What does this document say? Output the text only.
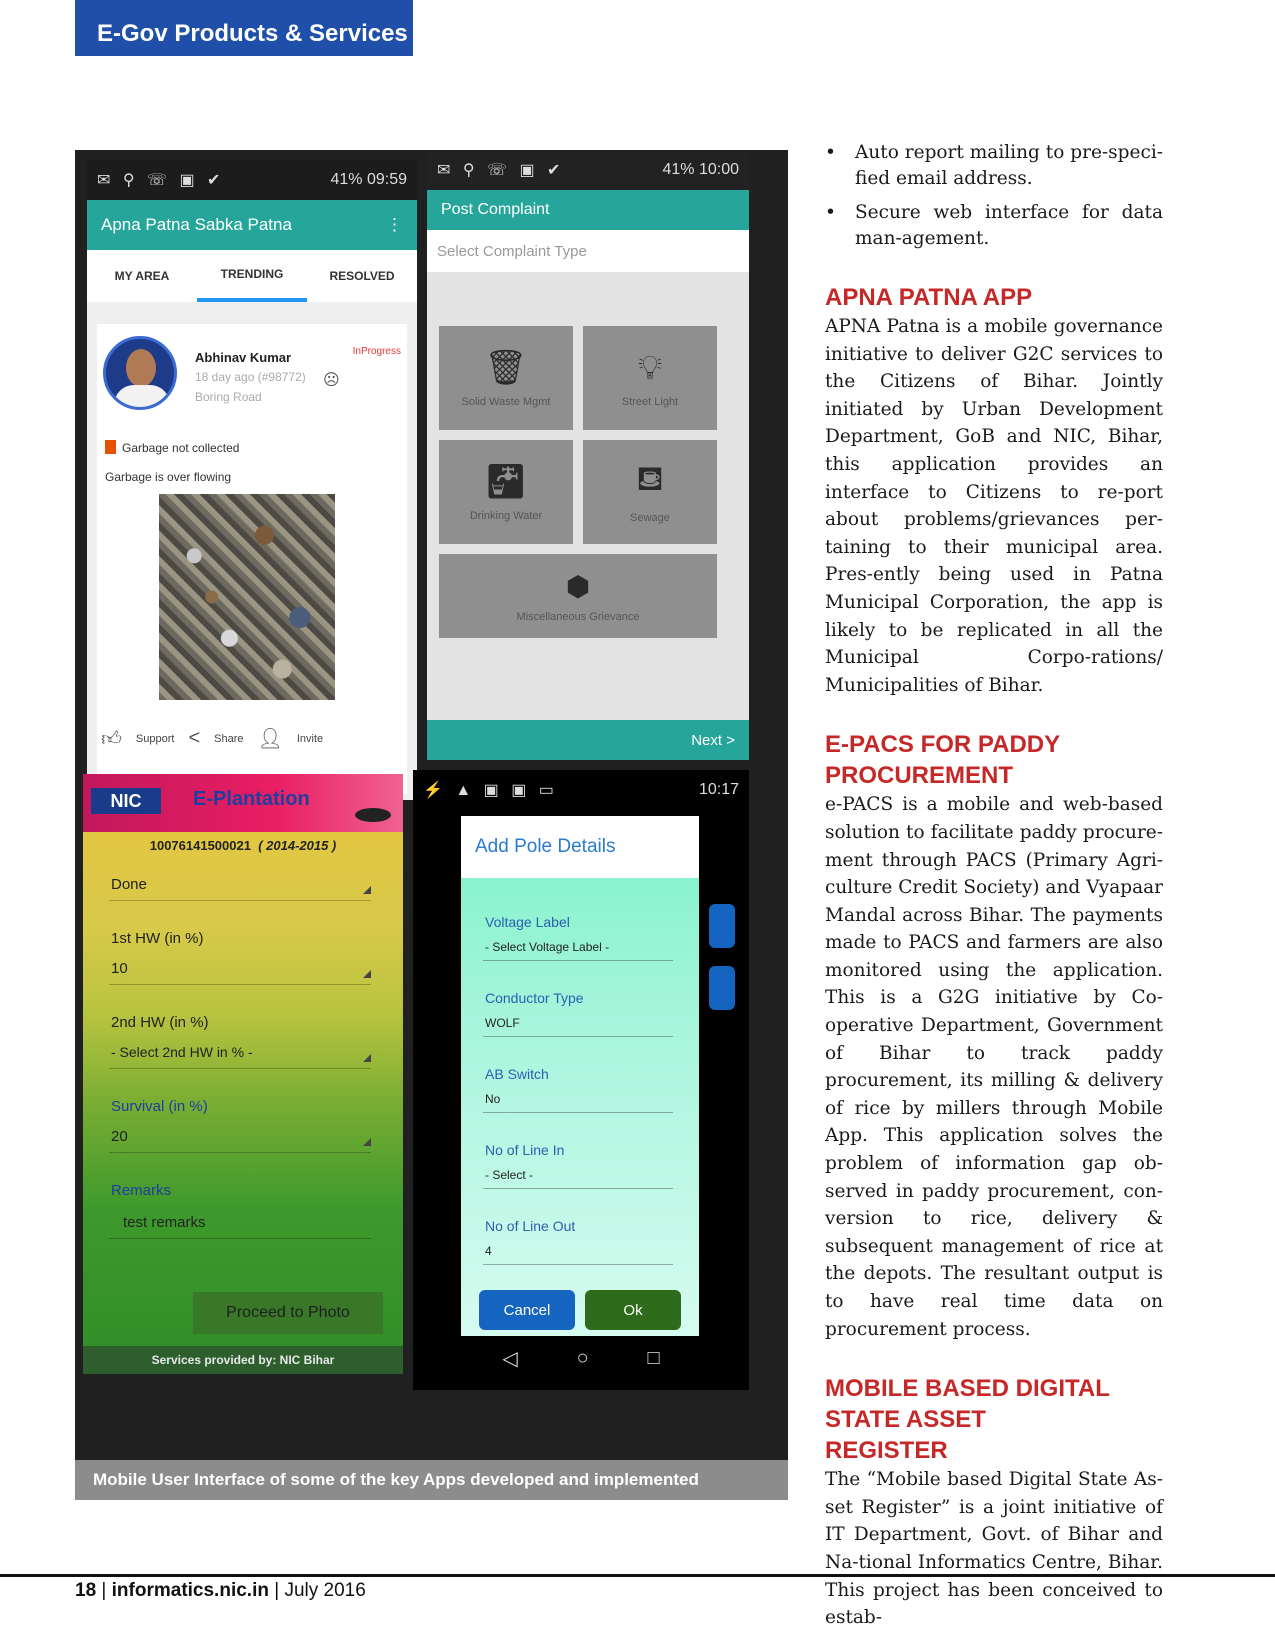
E-Gov Products & Services
✉ ⚲ ☏ ▣ ✔	41% 09:59
Apna Patna Sabka Patna	⋮
MY AREA	TRENDING	RESOLVED
Abhinav Kumar
18 day ago (#98772)
Boring Road
☹
InProgress
Garbage not collected
Garbage is over flowing
👍︎ Support < Share 👤︎ Invite
✉ ⚲ ☏ ▣ ✔	41% 10:00
Post Complaint
Select Complaint Type
🗑︎
Solid Waste Mgmt
💡︎
Street Light
🚰︎
Drinking Water
⛾
Sewage
⬢
Miscellaneous Grievance
Next >
NIC	E-Plantation
10076141500021 ( 2014-2015 )
Done
1st HW (in %)
10
2nd HW (in %)
- Select 2nd HW in % -
Survival (in %)
20
Remarks
test remarks
Proceed to Photo
Services provided by: NIC Bihar
⚡ ▲ ▣ ▣ ▭	10:17
Add Pole Details
Voltage Label
- Select Voltage Label -
Conductor Type
WOLF
AB Switch
No
No of Line In
- Select -
No of Line Out
4
Cancel	Ok
◁	○	□
Mobile User Interface of some of the key Apps developed and implemented
• Auto report mailing to pre-speci-fied email address.
• Secure web interface for data man-agement.
APNA PATNA APP
APNA Patna is a mobile governance initiative to deliver G2C services to the Citizens of Bihar. Jointly initiated by Urban Development Department, GoB and NIC, Bihar, this application provides an interface to Citizens to re-port about problems/grievances per-taining to their municipal area. Pres-ently being used in Patna Municipal Corporation, the app is likely to be replicated in all the Municipal Corpo-rations/ Municipalities of Bihar.
E-PACS FOR PADDY PROCUREMENT
e-PACS is a mobile and web-based solution to facilitate paddy procure-ment through PACS (Primary Agri-culture Credit Society) and Vyapaar Mandal across Bihar. The payments made to PACS and farmers are also monitored using the application. This is a G2G initiative by Co-operative Department, Government of Bihar to track paddy procurement, its milling & delivery of rice by millers through Mobile App. This application solves the problem of information gap ob-served in paddy procurement, con-version to rice, delivery & subsequent management of rice at the depots. The resultant output is to have real time data on procurement process.
MOBILE BASED DIGITAL STATE ASSET REGISTER
The “Mobile based Digital State As-set Register” is a joint initiative of IT Department, Govt. of Bihar and Na-tional Informatics Centre, Bihar. This project has been conceived to estab-
18 | informatics.nic.in | July 2016
